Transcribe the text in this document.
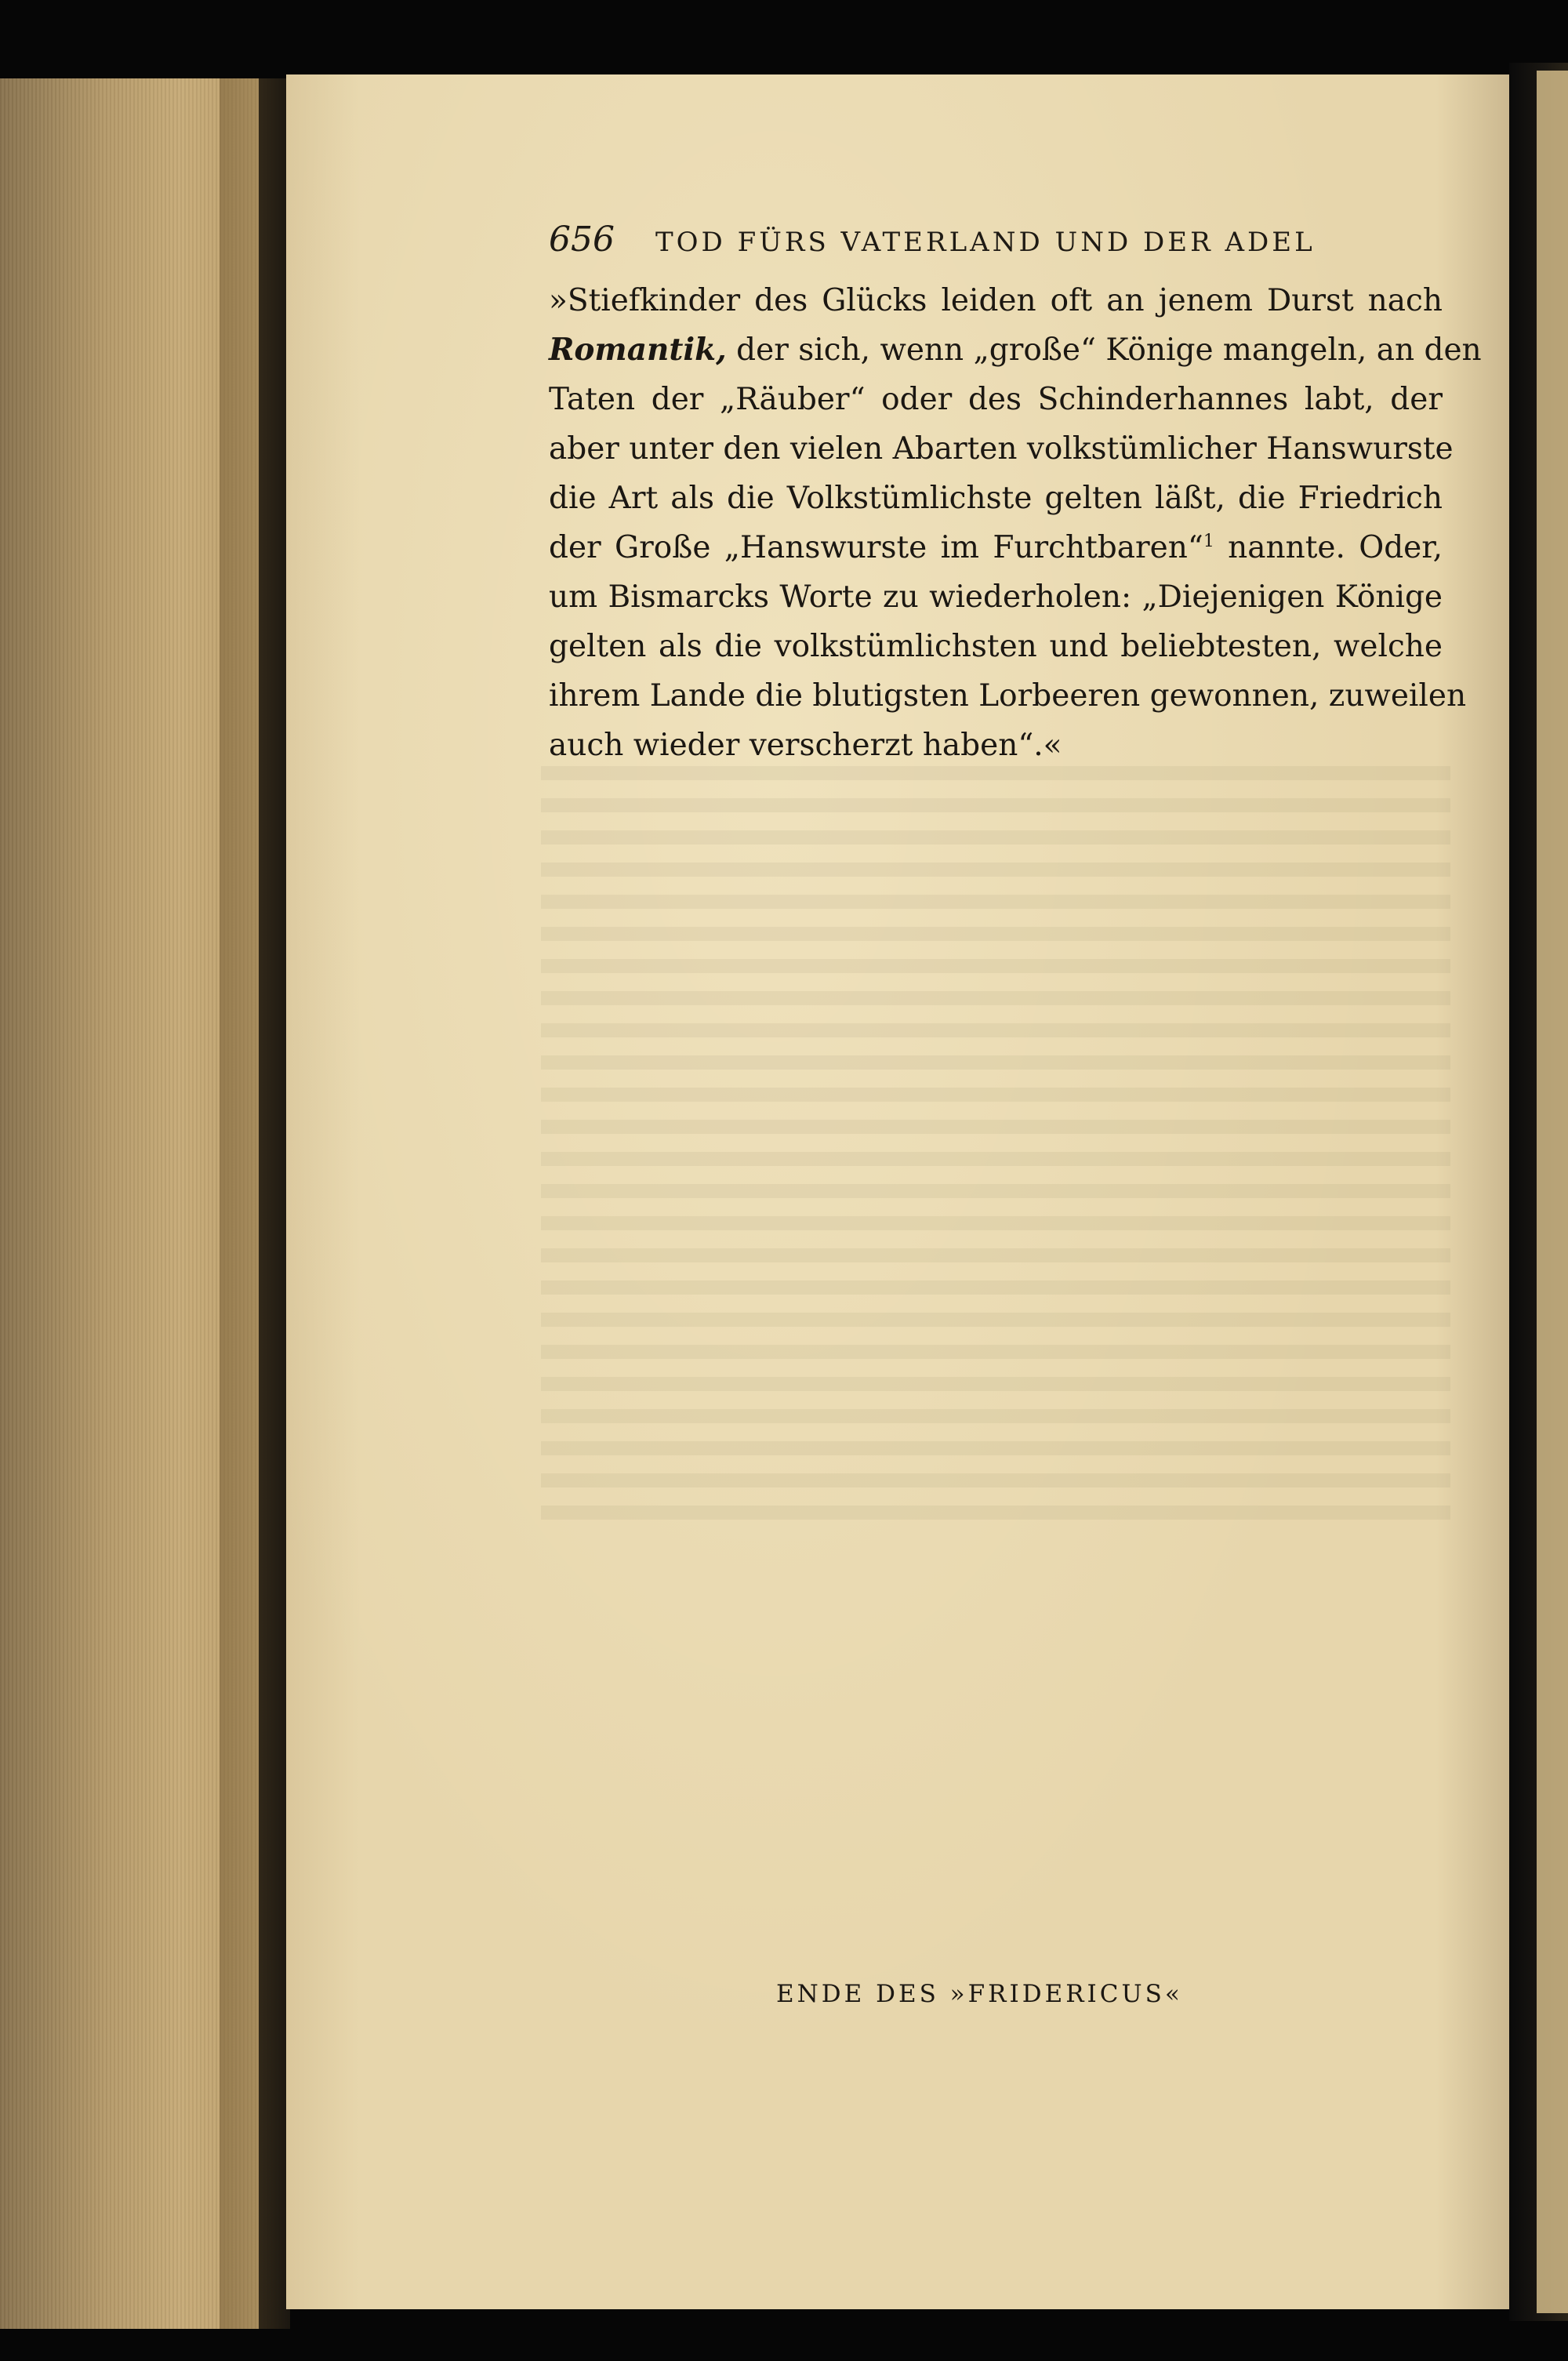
656 TOD FÜRS VATERLAND UND DER ADEL
»Stiefkinder des Glücks leiden oft an jenem Durst nach
Romantik, der sich, wenn „große“ Könige mangeln, an den
Taten der „Räuber“ oder des Schinderhannes labt, der
aber unter den vielen Abarten volkstümlicher Hanswurste
die Art als die Volkstümlichste gelten läßt, die Friedrich
der Große „Hanswurste im Furchtbaren“$^1$ nannte. Oder,
um Bismarcks Worte zu wiederholen: „Diejenigen Könige
gelten als die volkstümlichsten und beliebtesten, welche
ihrem Lande die blutigsten Lorbeeren gewonnen, zuweilen
auch wieder verscherzt haben“.«
ENDE DES »FRIDERICUS«
